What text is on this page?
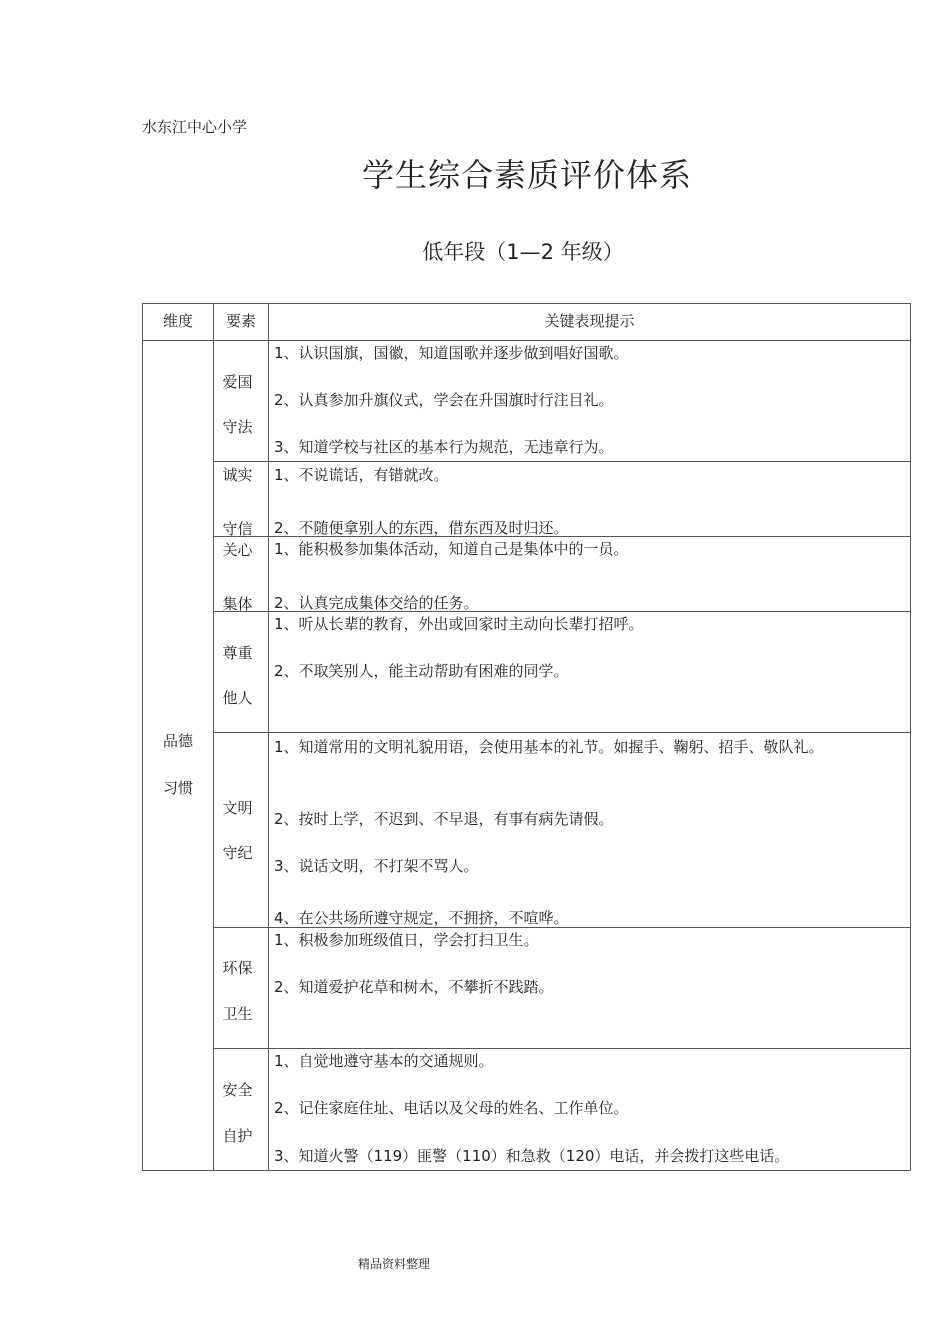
水东江中心小学
学生综合素质评价体系
低年段（1—2 年级）
维度	要素	关键表现提示
品德
习惯
爱国
守法
1、认识国旗，国徽，知道国歌并逐步做到唱好国歌。
2、认真参加升旗仪式，学会在升国旗时行注目礼。
3、知道学校与社区的基本行为规范，无违章行为。
诚实
守信
1、不说谎话，有错就改。
2、不随便拿别人的东西，借东西及时归还。
关心
集体
1、能积极参加集体活动，知道自己是集体中的一员。
2、认真完成集体交给的任务。
尊重
他人
1、听从长辈的教育，外出或回家时主动向长辈打招呼。
2、不取笑别人，能主动帮助有困难的同学。
文明
守纪
1、知道常用的文明礼貌用语，会使用基本的礼节。如握手、鞠躬、招手、敬队礼。
2、按时上学，不迟到、不早退，有事有病先请假。
3、说话文明，不打架不骂人。
4、在公共场所遵守规定，不拥挤，不喧哗。
环保
卫生
1、积极参加班级值日，学会打扫卫生。
2、知道爱护花草和树木，不攀折不践踏。
安全
自护
1、自觉地遵守基本的交通规则。
2、记住家庭住址、电话以及父母的姓名、工作单位。
3、知道火警（119）匪警（110）和急救（120）电话，并会拨打这些电话。
精品资料整理
